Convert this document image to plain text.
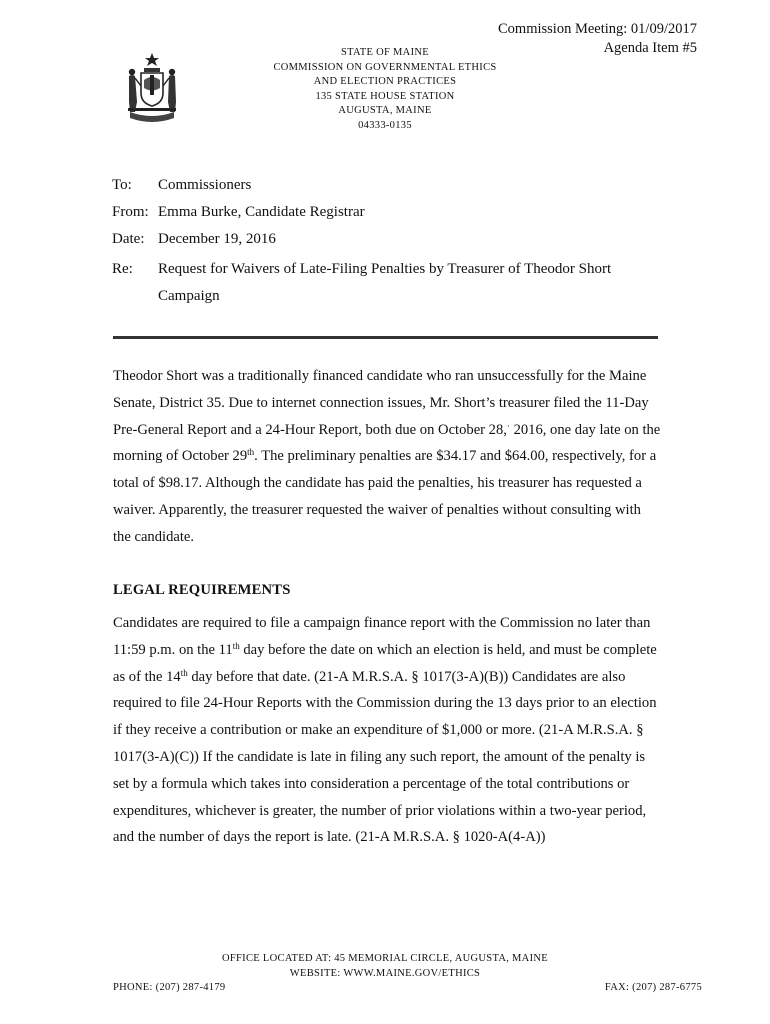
Commission Meeting: 01/09/2017
Agenda Item #5
STATE OF MAINE
COMMISSION ON GOVERNMENTAL ETHICS
AND ELECTION PRACTICES
135 STATE HOUSE STATION
AUGUSTA, MAINE
04333-0135
To:	Commissioners
From: Emma Burke, Candidate Registrar
Date: December 19, 2016
Re:	Request for Waivers of Late-Filing Penalties by Treasurer of Theodor Short Campaign

Theodor Short was a traditionally financed candidate who ran unsuccessfully for the Maine Senate, District 35. Due to internet connection issues, Mr. Short’s treasurer filed the 11-Day Pre-General Report and a 24-Hour Report, both due on October 28,· 2016, one day late on the morning of October 29th. The preliminary penalties are $34.17 and $64.00, respectively, for a total of $98.17. Although the candidate has paid the penalties, his treasurer has requested a waiver. Apparently, the treasurer requested the waiver of penalties without consulting with the candidate.

LEGAL REQUIREMENTS

Candidates are required to file a campaign finance report with the Commission no later than 11:59 p.m. on the 11th day before the date on which an election is held, and must be complete as of the 14th day before that date. (21-A M.R.S.A. § 1017(3-A)(B)) Candidates are also required to file 24-Hour Reports with the Commission during the 13 days prior to an election if they receive a contribution or make an expenditure of $1,000 or more. (21-A M.R.S.A. § 1017(3-A)(C)) If the candidate is late in filing any such report, the amount of the penalty is set by a formula which takes into consideration a percentage of the total contributions or expenditures, whichever is greater, the number of prior violations within a two-year period, and the number of days the report is late. (21-A M.R.S.A. § 1020-A(4-A))

OFFICE LOCATED AT: 45 MEMORIAL CIRCLE, AUGUSTA, MAINE
WEBSITE: WWW.MAINE.GOV/ETHICS
PHONE: (207) 287-4179	FAX: (207) 287-6775
